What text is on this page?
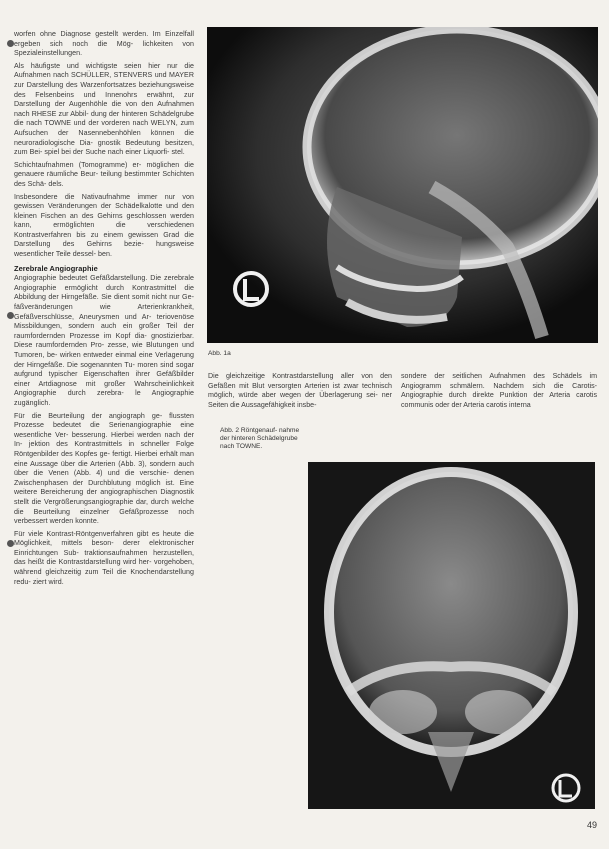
worfen ohne Diagnose gestellt werden. Im Einzelfall ergeben sich noch die Mög- lichkeiten von Spezialeinstellungen.

Als häufigste und wichtigste seien hier nur die Aufnahmen nach SCHÜLLER, STENVERS und MAYER zur Darstellung des Warzenfortsatzes beziehungsweise des Felsenbeins und Innenohrs erwähnt, zur Darstellung der Augenhöhle die von den Aufnahmen nach RHESE zur Abbil- dung der hinteren Schädelgrube die nach TOWNE und der vorderen nach WELYN, zum Aufsuchen der Nasennebenhöhlen können die neuroradiologische Dia- gnostik Bedeutung besitzen, zum Bei- spiel bei der Suche nach einer Liquorfi- stel.

Schichtaufnahmen (Tomogramme) er- möglichen die genauere räumliche Beur- teilung bestimmter Schichten des Schä- dels.

Insbesondere die Nativaufnahme immer nur von gewissen Veränderungen der Schädelkalotte und den kleinen Fischen an des Gehirns geschlossen werden kann, ermöglichten die verschiedenen Kontrastverfahren bis zu einem gewissen Grad die Darstellung des Gehirns bezie- hungsweise wesentlicher Teile dessel- ben.

Zerebrale Angiographie

Angiographie bedeutet Gefäßdarstellung. Die zerebrale Angiographie ermöglicht durch Kontrastmittel die Abbildung der Hirngefäße. Sie dient somit nicht nur Ge- fäßveränderungen wie Arterienkrankheit, Gefäßverschlüsse, Aneurysmen und Ar- teriovenöse Missbildungen, sondern auch ein großer Teil der raumfordernden Prozesse im Kopf dia- gnostizierbar. Diese raumfordernden Pro- zesse, wie Blutungen und Tumoren, be- wirken entweder einmal eine Verlagerung der Hirngefäße. Die sogenannten Tu- moren sind sogar aufgrund typischer Eigenschaften ihrer Gefäßbilder einer Artdiagnose mit großer Wahrscheinlichkeit Angiographie durch zerebra- le Angiographie zugänglich.

Für die Beurteilung der angiograph ge- flussten Prozesse bedeutet die Serienangiographie eine wesentliche Ver- besserung. Hierbei werden nach der In- jektion des Kontrastmittels in schneller Folge Röntgenbilder des Kopfes ge- fertigt. Hierbei erhält man eine Aussage über die Arterien (Abb. 3), sondern auch über die Venen (Abb. 4) und die verschie- denen Zwischenphasen der Durchblutung möglich ist. Eine weitere Bereicherung der angiographischen Diagnostik stellt die Vergrößerungsangiographie dar, durch welche die Beurteilung einzelner Gefäßprozesse noch verbessert werden konnte.

Für viele Kontrast-Röntgenverfahren gibt es heute die Möglichkeit, mittels beson- derer elektronischer Einrichtungen Sub- traktionsaufnahmen herzustellen, das heißt die Kontrastdarstellung wird her- vorgehoben, während gleichzeitig zum Teil die Knochendarstellung redu- ziert wird.

Abb. 1a
Die gleichzeitige Kontrastdarstellung aller von den Gefäßen mit Blut versorgten Arterien ist zwar technisch möglich, würde aber wegen der Überlagerung sei- ner Seiten die Aussagefähigkeit insbe-
sondere der seitlichen Aufnahmen des Schädels im Angiogramm schmälern. Nachdem sich die Carotis-Angiographie durch direkte Punktion der Arteria carotis communis oder der Arteria carotis interna
Abb. 2 Röntgenauf- nahme der hinteren Schädelgrube nach TOWNE.
49
